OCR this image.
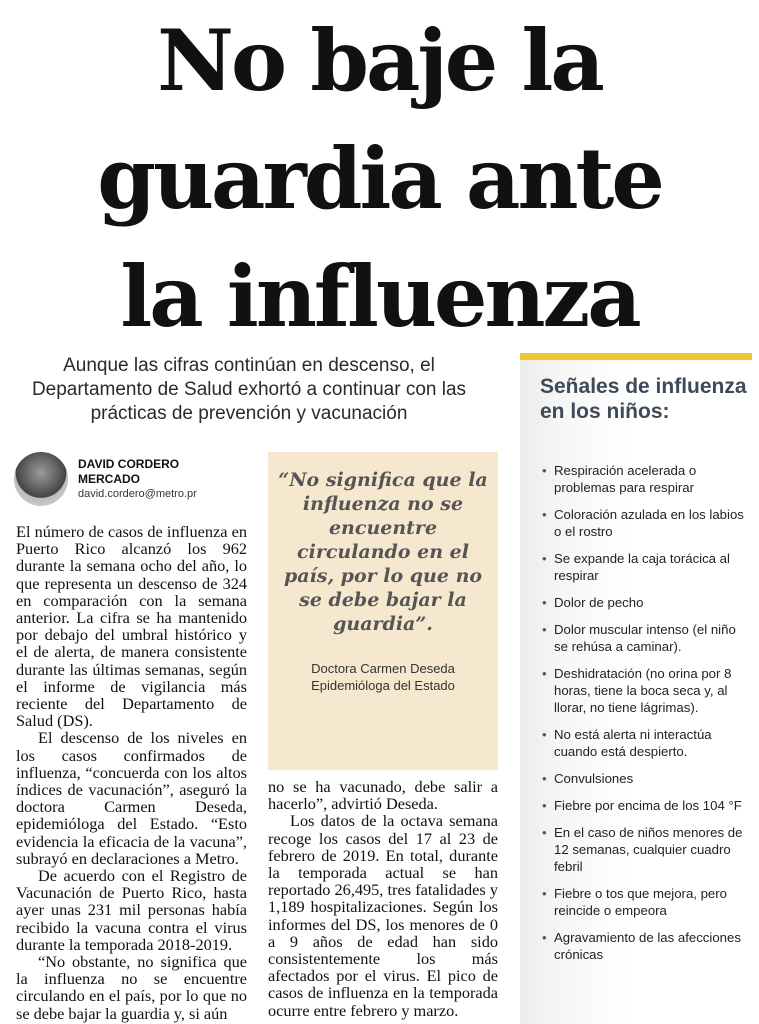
No baje la
guardia ante
la influenza
Aunque las cifras continúan en descenso, el Departamento de Salud exhortó a continuar con las prácticas de prevención y vacunación
DAVID CORDERO
MERCADO
david.cordero@metro.pr

El número de casos de influenza en Puerto Rico alcanzó los 962 durante la semana ocho del año, lo que representa un descenso de 324 en comparación con la semana anterior. La cifra se ha mantenido por debajo del umbral histórico y el de alerta, de manera consistente durante las últimas semanas, según el informe de vigilancia más reciente del Departamento de Salud (DS).

El descenso de los niveles en los casos confirmados de influenza, “concuerda con los altos índices de vacunación”, aseguró la doctora Carmen Deseda, epidemióloga del Estado. “Esto evidencia la eficacia de la vacuna”, subrayó en declaraciones a Metro.

De acuerdo con el Registro de Vacunación de Puerto Rico, hasta ayer unas 231 mil personas había recibido la vacuna contra el virus durante la temporada 2018-2019.

“No obstante, no significa que la influenza no se encuentre circulando en el país, por lo que no se debe bajar la guardia y, si aún

“No significa que la influenza no se encuentre circulando en el país, por lo que no se debe bajar la guardia”.
Doctora Carmen Deseda
Epidemióloga del Estado

no se ha vacunado, debe salir a hacerlo”, advirtió Deseda.

Los datos de la octava semana recoge los casos del 17 al 23 de febrero de 2019. En total, durante la temporada actual se han reportado 26,495, tres fatalidades y 1,189 hospitalizaciones. Según los informes del DS, los menores de 0 a 9 años de edad han sido consistentemente los más afectados por el virus. El pico de casos de influenza en la temporada ocurre entre febrero y marzo.

Señales de influenza en los niños:
• Respiración acelerada o problemas para respirar
• Coloración azulada en los labios o el rostro
• Se expande la caja torácica al respirar
• Dolor de pecho
• Dolor muscular intenso (el niño se rehúsa a caminar).
• Deshidratación (no orina por 8 horas, tiene la boca seca y, al llorar, no tiene lágrimas).
• No está alerta ni interactúa cuando está despierto.
• Convulsiones
• Fiebre por encima de los 104 °F
• En el caso de niños menores de 12 semanas, cualquier cuadro febril
• Fiebre o tos que mejora, pero reincide o empeora
• Agravamiento de las afecciones crónicas
